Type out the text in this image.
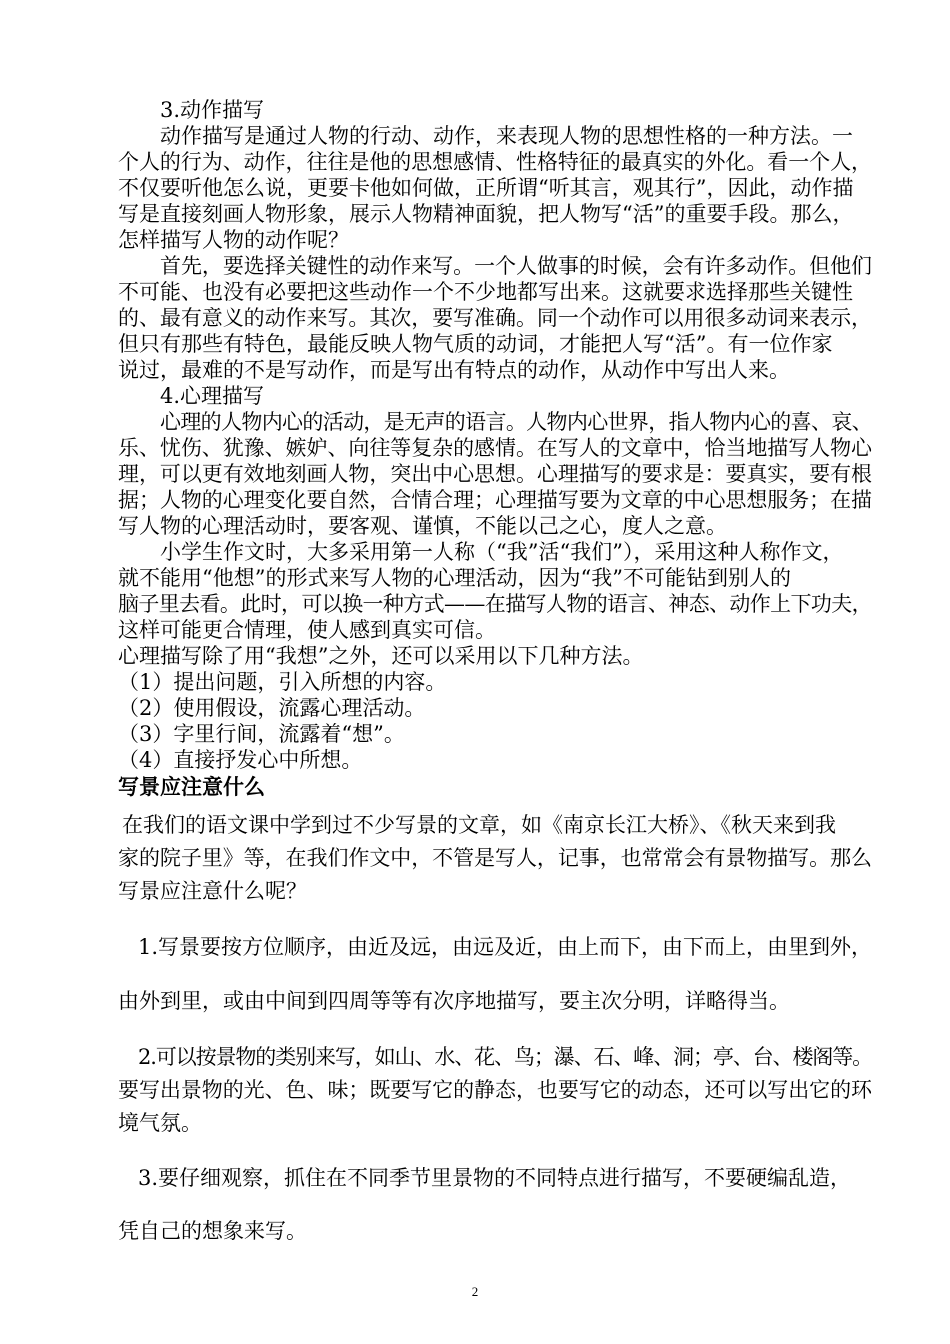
3.动作描写
动作描写是通过人物的行动、动作，来表现人物的思想性格的一种方法。一
个人的行为、动作，往往是他的思想感情、性格特征的最真实的外化。看一个人，
不仅要听他怎么说，更要卡他如何做，正所谓“听其言，观其行”，因此，动作描
写是直接刻画人物形象，展示人物精神面貌，把人物写“活”的重要手段。那么，
怎样描写人物的动作呢？
首先，要选择关键性的动作来写。一个人做事的时候，会有许多动作。但他们
不可能、也没有必要把这些动作一个不少地都写出来。这就要求选择那些关键性
的、最有意义的动作来写。其次，要写准确。同一个动作可以用很多动词来表示，
但只有那些有特色，最能反映人物气质的动词，才能把人写“活”。有一位作家
说过，最难的不是写动作，而是写出有特点的动作，从动作中写出人来。
4.心理描写
心理的人物内心的活动，是无声的语言。人物内心世界，指人物内心的喜、哀、
乐、忧伤、犹豫、嫉妒、向往等复杂的感情。在写人的文章中，恰当地描写人物心
理，可以更有效地刻画人物，突出中心思想。心理描写的要求是：要真实，要有根
据；人物的心理变化要自然，合情合理；心理描写要为文章的中心思想服务；在描
写人物的心理活动时，要客观、谨慎，不能以己之心，度人之意。
小学生作文时，大多采用第一人称（“我”活“我们”），采用这种人称作文，
就不能用“他想”的形式来写人物的心理活动，因为“我”不可能钻到别人的
脑子里去看。此时，可以换一种方式——在描写人物的语言、神态、动作上下功夫，
这样可能更合情理，使人感到真实可信。
心理描写除了用“我想”之外，还可以采用以下几种方法。
（1）提出问题，引入所想的内容。
（2）使用假设，流露心理活动。
（3）字里行间，流露着“想”。
（4）直接抒发心中所想。
写景应注意什么
在我们的语文课中学到过不少写景的文章，如《南京长江大桥》、《秋天来到我
家的院子里》等，在我们作文中，不管是写人，记事，也常常会有景物描写。那么
写景应注意什么呢？
1.写景要按方位顺序，由近及远，由远及近，由上而下，由下而上，由里到外，
由外到里，或由中间到四周等等有次序地描写，要主次分明，详略得当。
2.可以按景物的类别来写，如山、水、花、鸟；瀑、石、峰、洞；亭、台、楼阁等。
要写出景物的光、色、味；既要写它的静态，也要写它的动态，还可以写出它的环
境气氛。
3.要仔细观察，抓住在不同季节里景物的不同特点进行描写，不要硬编乱造，
凭自己的想象来写。
2
